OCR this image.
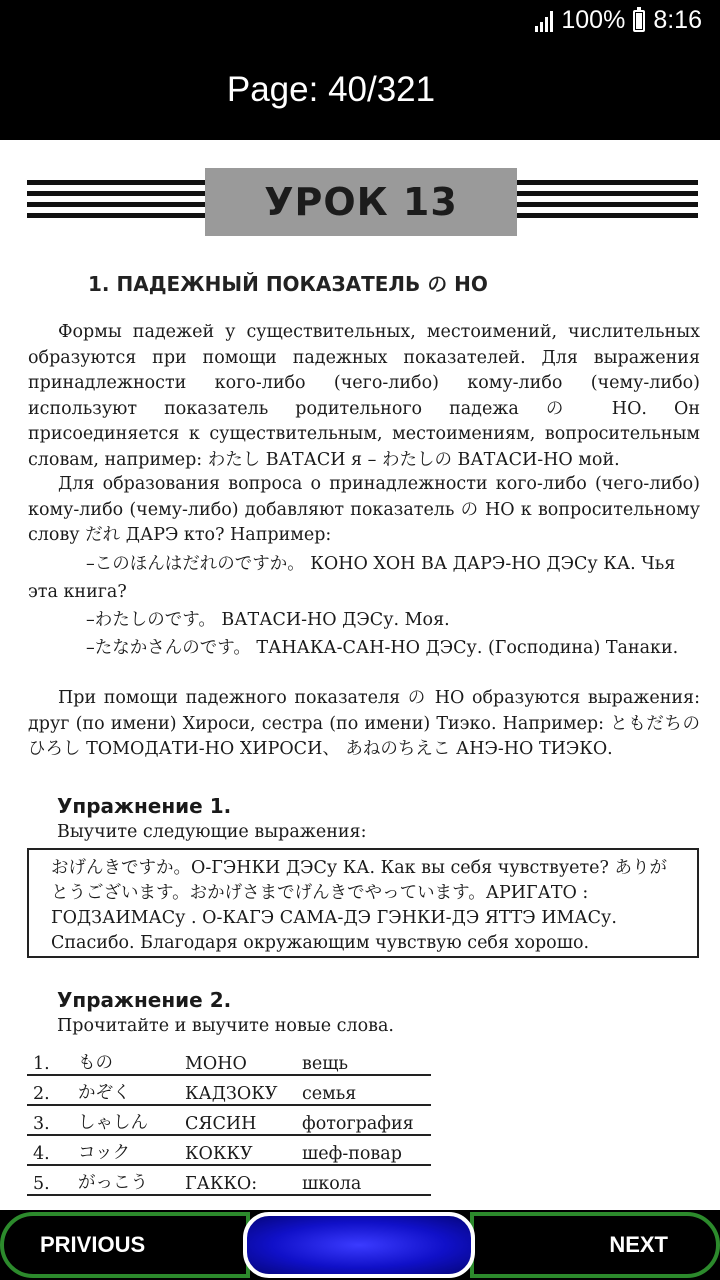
100% 8:16
Page: 40/321
УРОК 13
1. ПАДЕЖНЫЙ ПОКАЗАТЕЛЬ の НО

Формы падежей у существительных, местоимений, числительных образуются при помощи падежных показателей. Для выражения принадлежности кого-либо (чего-либо) кому-либо (чему-либо) используют показатель родительного падежа の НО. Он присоединяется к существительным, местоимениям, вопросительным словам, например: わたし ВАТАСИ я – わたしの ВАТАСИ-НО мой.

Для образования вопроса о принадлежности кого-либо (чего-либо) кому-либо (чему-либо) добавляют показатель の НО к вопросительному слову だれ ДАРЭ кто? Например:

–このほんはだれのですか。 КОНО ХОН ВА ДАРЭ-НО ДЭСу КА. Чья эта книга?
–わたしのです。 ВАТАСИ-НО ДЭСу. Моя.
–たなかさんのです。 ТАНАКА-САН-НО ДЭСу. (Господина) Танаки.

При помощи падежного показателя の НО образуются выражения: друг (по имени) Хироси, сестра (по имени) Тиэко. Например: ともだちのひろし ТОМОДАТИ-НО ХИРОСИ、 あねのちえこ АНЭ-НО ТИЭКО.

Упражнение 1.
Выучите следующие выражения:
おげんきですか。О-ГЭНКИ ДЭСу КА. Как вы себя чувствуете? ありがとうございます。おかげさまでげんきでやっています。АРИГАТО : ГОДЗАИМАСу . О-КАГЭ САМА-ДЭ ГЭНКИ-ДЭ ЯТТЭ ИМАСу. Спасибо. Благодаря окружающим чувствую себя хорошо.
Упражнение 2.
Прочитайте и выучите новые слова.
1.	もの	МОНО	вещь
2.	かぞく	КАДЗОКУ	семья
3.	しゃしん	СЯСИН	фотография
4.	コック	КОККУ	шеф-повар
5.	がっこう	ГАККО:	школа
PRIVIOUS	NEXT
